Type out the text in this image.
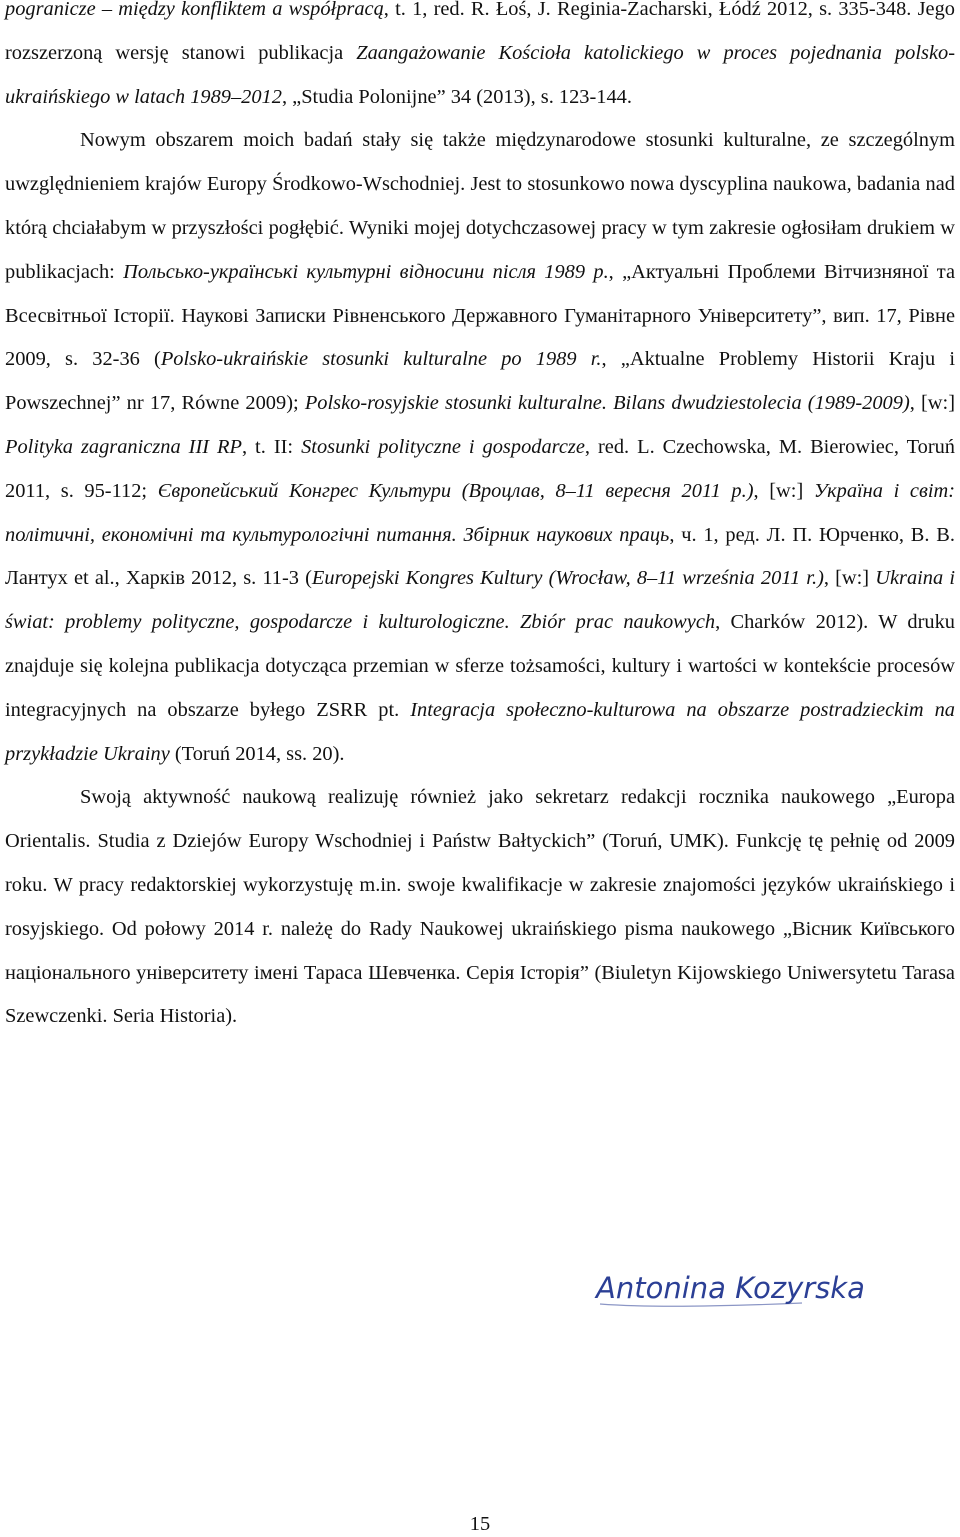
pogranicze – między konfliktem a współpracą, t. 1, red. R. Łoś, J. Reginia-Zacharski, Łódź 2012, s. 335-348. Jego rozszerzoną wersję stanowi publikacja Zaangażowanie Kościoła katolickiego w proces pojednania polsko-ukraińskiego w latach 1989–2012, „Studia Polonijne” 34 (2013), s. 123-144.

Nowym obszarem moich badań stały się także międzynarodowe stosunki kulturalne, ze szczególnym uwzględnieniem krajów Europy Środkowo-Wschodniej. Jest to stosunkowo nowa dyscyplina naukowa, badania nad którą chciałabym w przyszłości pogłębić. Wyniki mojej dotychczasowej pracy w tym zakresie ogłosiłam drukiem w publikacjach: Польсько-українські культурні відносини після 1989 р., „Актуальні Проблеми Вітчизняної та Всесвітньої Історії. Наукові Записки Рівненського Державного Гуманітарного Університету”, вип. 17, Рівне 2009, s. 32-36 (Polsko-ukraińskie stosunki kulturalne po 1989 r., „Aktualne Problemy Historii Kraju i Powszechnej” nr 17, Równe 2009); Polsko-rosyjskie stosunki kulturalne. Bilans dwudziestolecia (1989-2009), [w:] Polityka zagraniczna III RP, t. II: Stosunki polityczne i gospodarcze, red. L. Czechowska, M. Bierowiec, Toruń 2011, s. 95-112; Європейський Конгрес Культури (Вроцлав, 8–11 вересня 2011 р.), [w:] Україна і світ: політичні, економічні та культурологічні питання. Збірник наукових праць, ч. 1, ред. Л. П. Юрченко, В. В. Лантух et al., Харків 2012, s. 11-3 (Europejski Kongres Kultury (Wrocław, 8–11 września 2011 r.), [w:] Ukraina i świat: problemy polityczne, gospodarcze i kulturologiczne. Zbiór prac naukowych, Charków 2012). W druku znajduje się kolejna publikacja dotycząca przemian w sferze tożsamości, kultury i wartości w kontekście procesów integracyjnych na obszarze byłego ZSRR pt. Integracja społeczno-kulturowa na obszarze postradzieckim na przykładzie Ukrainy (Toruń 2014, ss. 20).

Swoją aktywność naukową realizuję również jako sekretarz redakcji rocznika naukowego „Europa Orientalis. Studia z Dziejów Europy Wschodniej i Państw Bałtyckich” (Toruń, UMK). Funkcję tę pełnię od 2009 roku. W pracy redaktorskiej wykorzystuję m.in. swoje kwalifikacje w zakresie znajomości języków ukraińskiego i rosyjskiego. Od połowy 2014 r. należę do Rady Naukowej ukraińskiego pisma naukowego „Вісник Київського національного університету імені Тараса Шевченка. Серія Історія” (Biuletyn Kijowskiego Uniwersytetu Tarasa Szewczenki. Seria Historia).

Antonina Kozyrska
15
